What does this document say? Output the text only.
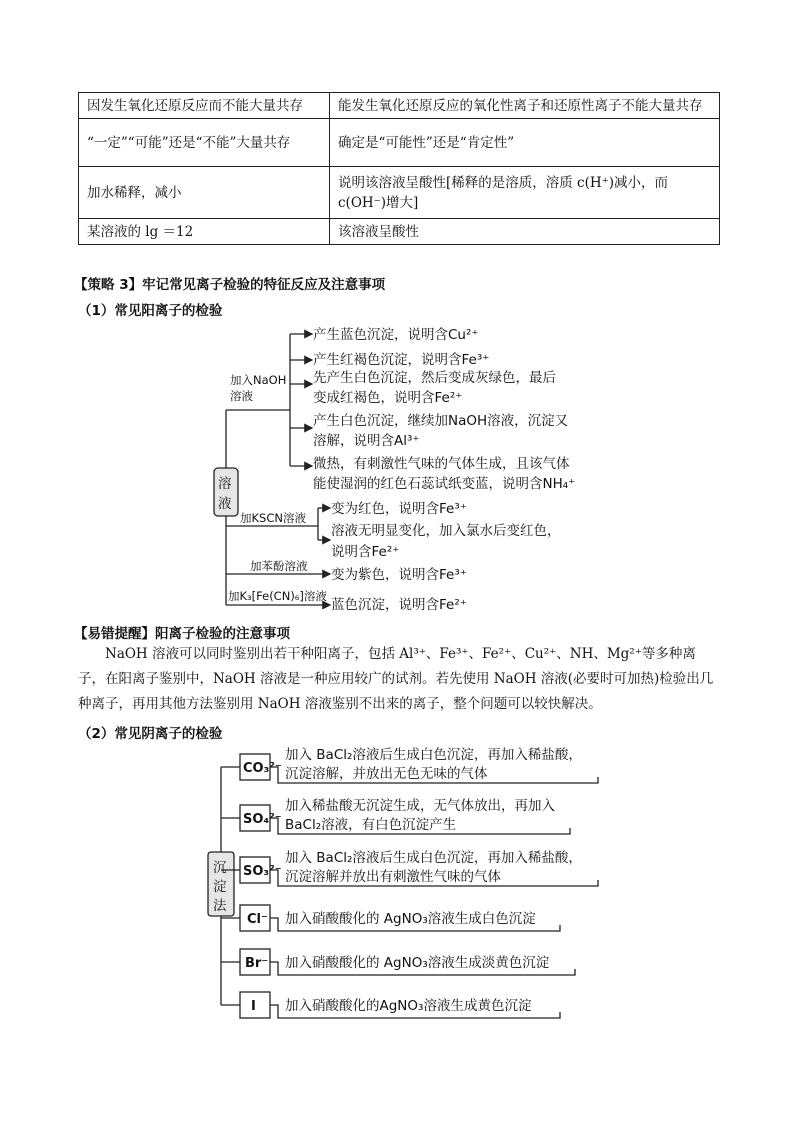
因发生氧化还原反应而不能大量共存	能发生氧化还原反应的氧化性离子和还原性离子不能大量共存
“一定”“可能”还是“不能”大量共存	确定是“可能性”还是“肯定性”
加水稀释，减小	说明该溶液呈酸性[稀释的是溶质，溶质 c(H⁺)减小，而 c(OH⁻)增大]
某溶液的 lg ＝12	该溶液呈酸性
【策略 3】牢记常见离子检验的特征反应及注意事项
（1）常见阳离子的检验
溶
液
加入NaOH
溶液
产生蓝色沉淀，说明含Cu²⁺
产生红褐色沉淀，说明含Fe³⁺
先产生白色沉淀，然后变成灰绿色，最后
变成红褐色，说明含Fe²⁺
产生白色沉淀，继续加NaOH溶液，沉淀又
溶解，说明含Al³⁺
微热，有刺激性气味的气体生成，且该气体
能使湿润的红色石蕊试纸变蓝，说明含NH₄⁺
加KSCN溶液
变为红色，说明含Fe³⁺
溶液无明显变化，加入氯水后变红色，
说明含Fe²⁺
加苯酚溶液
变为紫色，说明含Fe³⁺
加K₃[Fe(CN)₆]溶液
蓝色沉淀，说明含Fe²⁺
【易错提醒】阳离子检验的注意事项
NaOH 溶液可以同时鉴别出若干种阳离子，包括 Al³⁺、Fe³⁺、Fe²⁺、Cu²⁺、NH、Mg²⁺等多种离子，在阳离子鉴别中，NaOH 溶液是一种应用较广的试剂。若先使用 NaOH 溶液(必要时可加热)检验出几种离子，再用其他方法鉴别用 NaOH 溶液鉴别不出来的离子，整个问题可以较快解决。
（2）常见阴离子的检验
沉
淀
法
CO₃²⁻
加入 BaCl₂溶液后生成白色沉淀，再加入稀盐酸，
沉淀溶解，并放出无色无味的气体
SO₄²⁻
加入稀盐酸无沉淀生成，无气体放出，再加入
BaCl₂溶液，有白色沉淀产生
SO₃²⁻
加入 BaCl₂溶液后生成白色沉淀，再加入稀盐酸，
沉淀溶解并放出有刺激性气味的气体
Cl⁻ 加入硝酸酸化的 AgNO₃溶液生成白色沉淀
Br⁻ 加入硝酸酸化的 AgNO₃溶液生成淡黄色沉淀
I 加入硝酸酸化的AgNO₃溶液生成黄色沉淀
